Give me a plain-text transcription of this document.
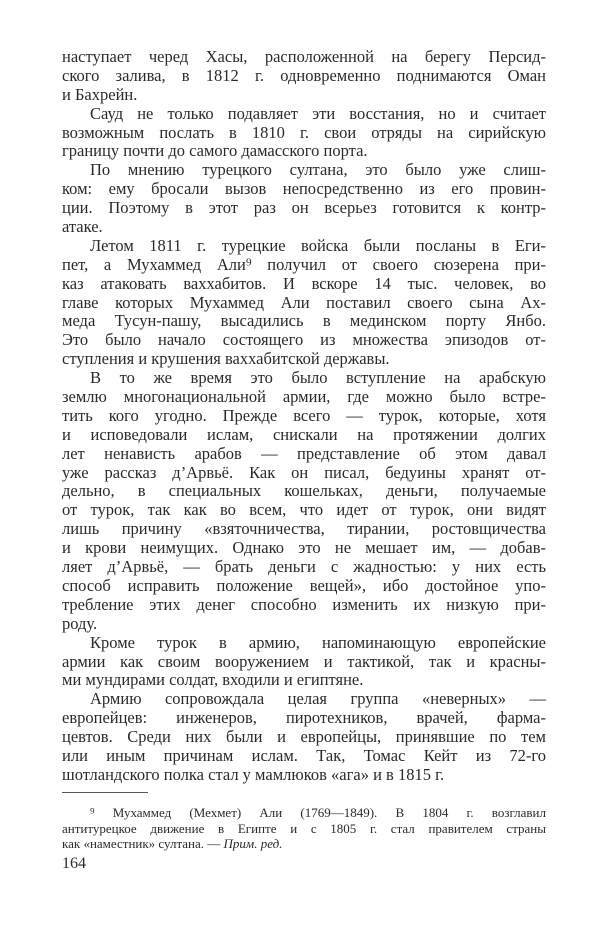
наступает черед Хасы, расположенной на берегу Персид-
ского залива, в 1812 г. одновременно поднимаются Оман
и Бахрейн.
Сауд не только подавляет эти восстания, но и считает
возможным послать в 1810 г. свои отряды на сирийскую
границу почти до самого дамасского порта.
По мнению турецкого султана, это было уже слиш-
ком: ему бросали вызов непосредственно из его провин-
ции. Поэтому в этот раз он всерьез готовится к контр-
атаке.
Летом 1811 г. турецкие войска были посланы в Еги-
пет, а Мухаммед Али⁹ получил от своего сюзерена при-
каз атаковать ваххабитов. И вскоре 14 тыс. человек, во
главе которых Мухаммед Али поставил своего сына Ах-
меда Тусун-пашу, высадились в мединском порту Янбо.
Это было начало состоящего из множества эпизодов от-
ступления и крушения ваххабитской державы.
В то же время это было вступление на арабскую
землю многонациональной армии, где можно было встре-
тить кого угодно. Прежде всего — турок, которые, хотя
и исповедовали ислам, снискали на протяжении долгих
лет ненависть арабов — представление об этом давал
уже рассказ д’Арвьё. Как он писал, бедуины хранят от-
дельно, в специальных кошельках, деньги, получаемые
от турок, так как во всем, что идет от турок, они видят
лишь причину «взяточничества, тирании, ростовщичества
и крови неимущих. Однако это не мешает им, — добав-
ляет д’Арвьё, — брать деньги с жадностью: у них есть
способ исправить положение вещей», ибо достойное упо-
требление этих денег способно изменить их низкую при-
роду.
Кроме турок в армию, напоминающую европейские
армии как своим вооружением и тактикой, так и красны-
ми мундирами солдат, входили и египтяне.
Армию сопровождала целая группа «неверных» —
европейцев: инженеров, пиротехников, врачей, фарма-
цевтов. Среди них были и европейцы, принявшие по тем
или иным причинам ислам. Так, Томас Кейт из 72-го
шотландского полка стал у мамлюков «ага» и в 1815 г.
⁹ Мухаммед (Мехмет) Али (1769—1849). В 1804 г. возглавил
антитурецкое движение в Египте и с 1805 г. стал правителем страны
как «наместник» султана. — Прим. ред.
164
